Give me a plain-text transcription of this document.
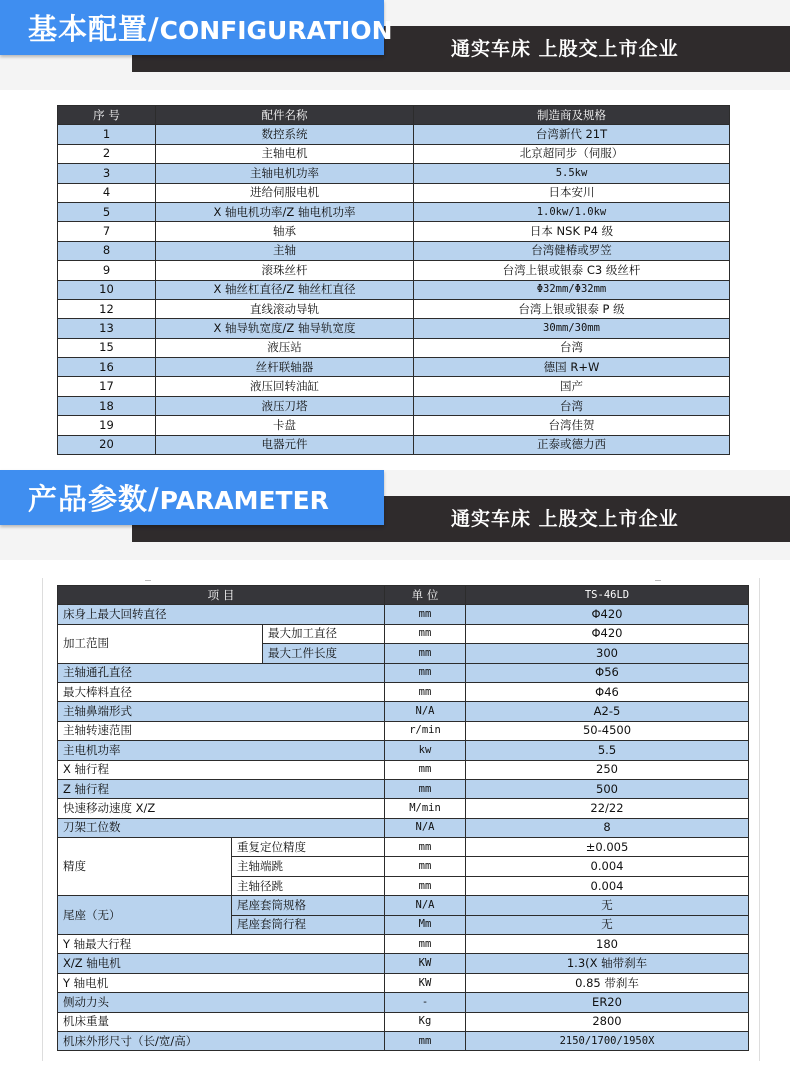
通实车床 上股交上市企业
基本配置/CONFIGURATION
序 号	配件名称	制造商及规格
1	数控系统	台湾新代 21T
2	主轴电机	北京超同步（伺服）
3	主轴电机功率	5.5kw
4	进给伺服电机	日本安川
5	X 轴电机功率/Z 轴电机功率	1.0kw/1.0kw
7	轴承	日本 NSK P4 级
8	主轴	台湾健椿或罗笠
9	滚珠丝杆	台湾上银或银泰 C3 级丝杆
10	X 轴丝杠直径/Z 轴丝杠直径	Φ32mm/Φ32mm
12	直线滚动导轨	台湾上银或银泰 P 级
13	X 轴导轨宽度/Z 轴导轨宽度	30mm/30mm
15	液压站	台湾
16	丝杆联轴器	德国 R+W
17	液压回转油缸	国产
18	液压刀塔	台湾
19	卡盘	台湾佳贺
20	电器元件	正泰或德力西
通实车床 上股交上市企业
产品参数/PARAMETER
项 目			单 位	TS-46LD
床身上最大回转直径			mm	Φ420
加工范围		最大加工直径	mm	Φ420
		最大工件长度	mm	300
主轴通孔直径			mm	Φ56
最大棒料直径			mm	Φ46
主轴鼻端形式			N/A	A2-5
主轴转速范围			r/min	50-4500
主电机功率			kw	5.5
X 轴行程			mm	250
Z 轴行程			mm	500
快速移动速度 X/Z			M/min	22/22
刀架工位数			N/A	8
精度	重复定位精度		mm	±0.005
	主轴端跳		mm	0.004
	主轴径跳		mm	0.004
尾座（无）	尾座套筒规格		N/A	无
	尾座套筒行程		Mm	无
Y 轴最大行程			mm	180
X/Z 轴电机			KW	1.3(X 轴带刹车
Y 轴电机			KW	0.85 带刹车
侧动力头			-	ER20
机床重量			Kg	2800
机床外形尺寸（长/宽/高）			mm	2150/1700/1950X
